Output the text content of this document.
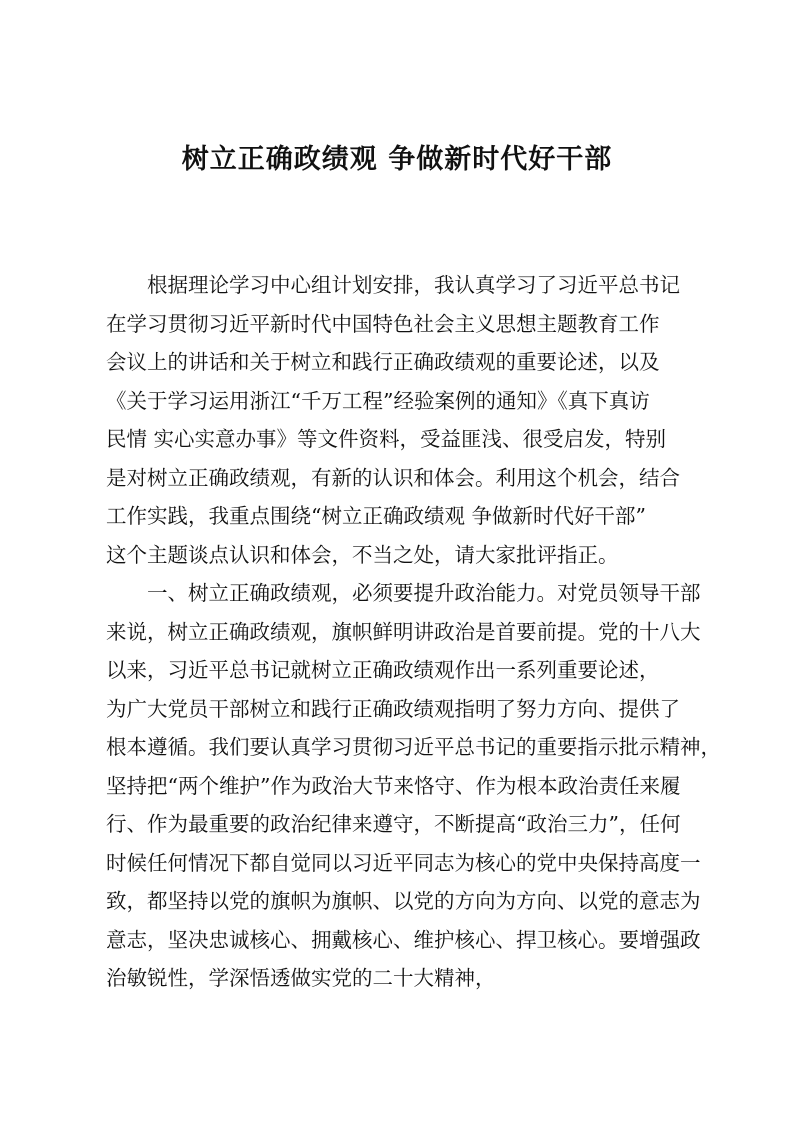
树立正确政绩观 争做新时代好干部
根据理论学习中心组计划安排，我认真学习了习近平总书记
在学习贯彻习近平新时代中国特色社会主义思想主题教育工作
会议上的讲话和关于树立和践行正确政绩观的重要论述，以及
《关于学习运用浙江“千万工程”经验案例的通知》《真下真访
民情 实心实意办事》等文件资料，受益匪浅、很受启发，特别
是对树立正确政绩观，有新的认识和体会。利用这个机会，结合
工作实践，我重点围绕“树立正确政绩观 争做新时代好干部”
这个主题谈点认识和体会，不当之处，请大家批评指正。
一、树立正确政绩观，必须要提升政治能力。对党员领导干部
来说，树立正确政绩观，旗帜鲜明讲政治是首要前提。党的十八大
以来，习近平总书记就树立正确政绩观作出一系列重要论述，
为广大党员干部树立和践行正确政绩观指明了努力方向、提供了
根本遵循。我们要认真学习贯彻习近平总书记的重要指示批示精神，
坚持把“两个维护”作为政治大节来恪守、作为根本政治责任来履
行、作为最重要的政治纪律来遵守，不断提高“政治三力”，任何
时候任何情况下都自觉同以习近平同志为核心的党中央保持高度一
致，都坚持以党的旗帜为旗帜、以党的方向为方向、以党的意志为
意志，坚决忠诚核心、拥戴核心、维护核心、捍卫核心。要增强政
治敏锐性，学深悟透做实党的二十大精神，
